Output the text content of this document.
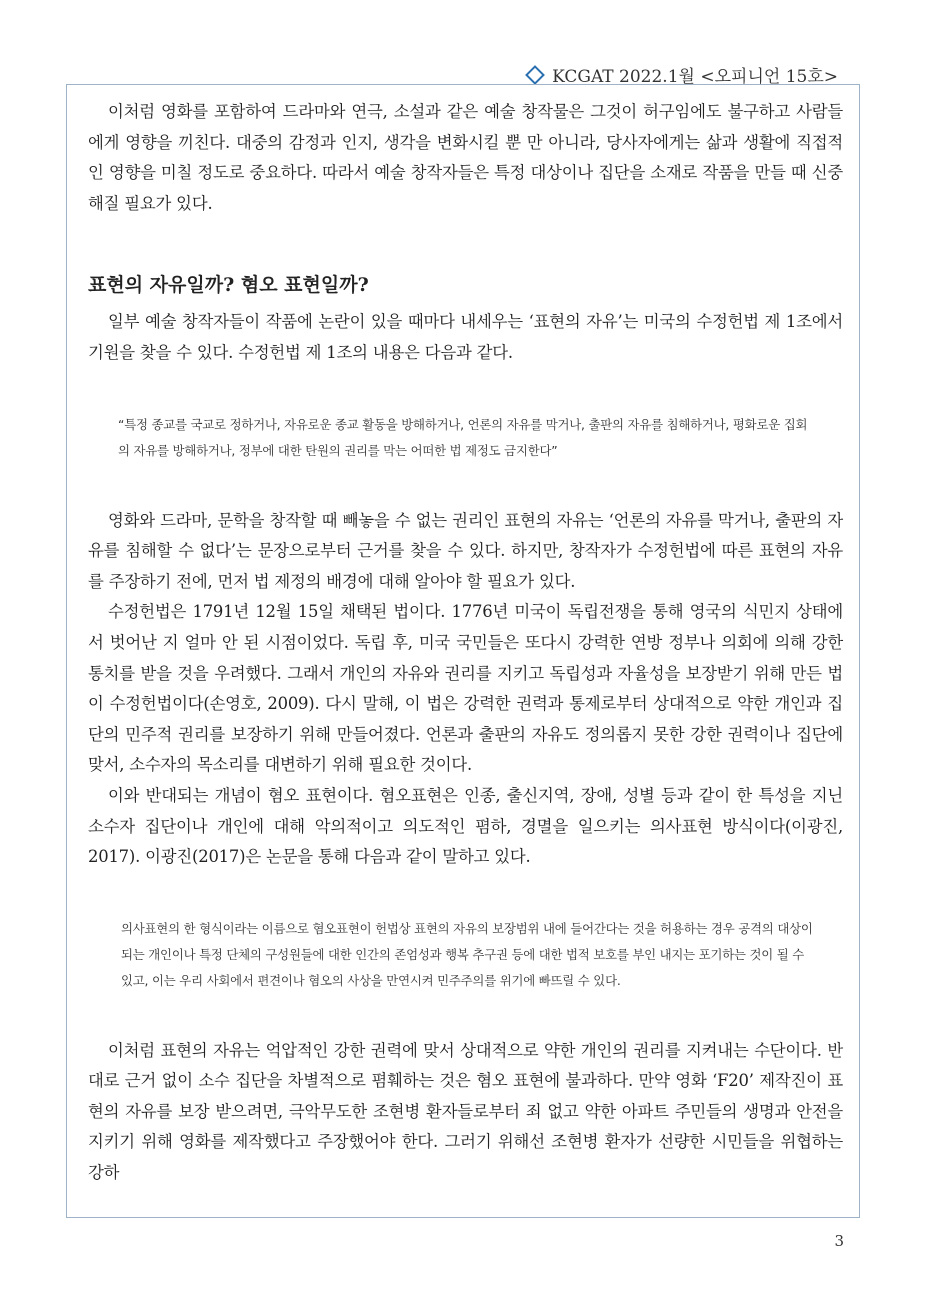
KCGAT 2022.1월 <오피니언 15호>

이처럼 영화를 포함하여 드라마와 연극, 소설과 같은 예술 창작물은 그것이 허구임에도 불구하고 사람들에게 영향을 끼친다. 대중의 감정과 인지, 생각을 변화시킬 뿐 만 아니라, 당사자에게는 삶과 생활에 직접적인 영향을 미칠 정도로 중요하다. 따라서 예술 창작자들은 특정 대상이나 집단을 소재로 작품을 만들 때 신중해질 필요가 있다.

표현의 자유일까? 혐오 표현일까?

일부 예술 창작자들이 작품에 논란이 있을 때마다 내세우는 ‘표현의 자유’는 미국의 수정헌법 제 1조에서 기원을 찾을 수 있다. 수정헌법 제 1조의 내용은 다음과 같다.

“특정 종교를 국교로 정하거나, 자유로운 종교 활동을 방해하거나, 언론의 자유를 막거나, 출판의 자유를 침해하거나, 평화로운 집회의 자유를 방해하거나, 정부에 대한 탄원의 권리를 막는 어떠한 법 제정도 금지한다”

영화와 드라마, 문학을 창작할 때 빼놓을 수 없는 권리인 표현의 자유는 ‘언론의 자유를 막거나, 출판의 자유를 침해할 수 없다’는 문장으로부터 근거를 찾을 수 있다. 하지만, 창작자가 수정헌법에 따른 표현의 자유를 주장하기 전에, 먼저 법 제정의 배경에 대해 알아야 할 필요가 있다.

수정헌법은 1791년 12월 15일 채택된 법이다. 1776년 미국이 독립전쟁을 통해 영국의 식민지 상태에서 벗어난 지 얼마 안 된 시점이었다. 독립 후, 미국 국민들은 또다시 강력한 연방 정부나 의회에 의해 강한 통치를 받을 것을 우려했다. 그래서 개인의 자유와 권리를 지키고 독립성과 자율성을 보장받기 위해 만든 법이 수정헌법이다(손영호, 2009). 다시 말해, 이 법은 강력한 권력과 통제로부터 상대적으로 약한 개인과 집단의 민주적 권리를 보장하기 위해 만들어졌다. 언론과 출판의 자유도 정의롭지 못한 강한 권력이나 집단에 맞서, 소수자의 목소리를 대변하기 위해 필요한 것이다.

이와 반대되는 개념이 혐오 표현이다. 혐오표현은 인종, 출신지역, 장애, 성별 등과 같이 한 특성을 지닌 소수자 집단이나 개인에 대해 악의적이고 의도적인 폄하, 경멸을 일으키는 의사표현 방식이다(이광진, 2017). 이광진(2017)은 논문을 통해 다음과 같이 말하고 있다.

의사표현의 한 형식이라는 이름으로 혐오표현이 헌법상 표현의 자유의 보장범위 내에 들어간다는 것을 허용하는 경우 공격의 대상이 되는 개인이나 특정 단체의 구성원들에 대한 인간의 존엄성과 행복 추구권 등에 대한 법적 보호를 부인 내지는 포기하는 것이 될 수 있고, 이는 우리 사회에서 편견이나 혐오의 사상을 만연시켜 민주주의를 위기에 빠뜨릴 수 있다.

이처럼 표현의 자유는 억압적인 강한 권력에 맞서 상대적으로 약한 개인의 권리를 지켜내는 수단이다. 반대로 근거 없이 소수 집단을 차별적으로 폄훼하는 것은 혐오 표현에 불과하다. 만약 영화 ‘F20’ 제작진이 표현의 자유를 보장 받으려면, 극악무도한 조현병 환자들로부터 죄 없고 약한 아파트 주민들의 생명과 안전을 지키기 위해 영화를 제작했다고 주장했어야 한다. 그러기 위해선 조현병 환자가 선량한 시민들을 위협하는 강하

3
